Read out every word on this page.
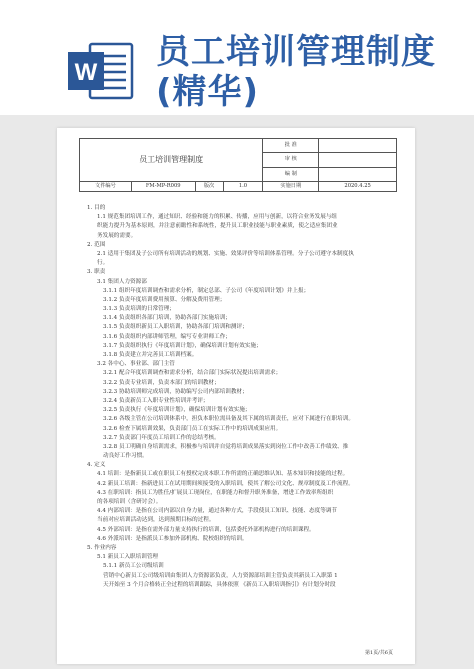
W
员工培训管理制度
(精华)
员工培训管理制度				批 准	
				审 核	
				编 制	
文件编号	FM-MP-R009	版次	1.0	实施日期	2020.4.25
1. 目的
1.1 规范集团培训工作，通过知识、经验和能力的积累、传播，应用与创新，以符合业务发展与组
织能力提升为基本原则，并注意前瞻性和系统性，提升员工职业技能与职业素质，使之适应集团业
务发展的需要。
2. 范围
2.1 适用于集团及子公司所有培训活动的规划、实施、效果评价等培训体系管理。分子公司遵守本制度执
行。
3. 职责
3.1 集团人力资源部
3.1.1 组织年度培训调查和需求分析，制定总部、子公司《年度培训计划》并上报；
3.1.2 负责年度培训费用预算、分解及费用管理；
3.1.3 负责培训的日常管理；
3.1.4 负责组织各部门培训，协助各部门实施培训；
3.1.5 负责组织新员工入职培训，协助各部门培训和测评；
3.1.6 负责组织内部讲师管理，编写专业讲师工作；
3.1.7 负责组织执行《年度培训计划》，确保培训计划有效实施；
3.1.8 负责建立并完善员工培训档案。
3.2 各中心、事业部、部门主管
3.2.1 配合年度培训调查和需求分析，结合部门实际状况提出培训需求；
3.2.2 负责专业培训，负责本部门的培训教材；
3.2.3 协助培训师完成培训，协助编写公司内部培训教材；
3.2.4 负责新员工入职专业性培训并考评；
3.2.5 负责执行《年度培训计划》，确保培训计划有效实施；
3.2.6 各级主管在公司培训体系中，担负本职位需具备及其下属的培训责任，应对下属进行在职培训。
3.2.6 检查下属培训效果，负责部门员工在实际工作中的培训成果应用。
3.2.7 负责部门年度员工培训工作的总结考核。
3.2.8 员工明确自身培训需求，积极参与培训并自觉将培训成果落实到岗位工作中改善工作绩效、推
动良好工作习惯。
4. 定义
4.1 培训：是指新员工或在职员工有授权完成本职工作所需的正确思维认知、基本知识和技能的过程。
4.2 新员工培训：指新进员工在试用期间须接受的入职培训，使其了解公司文化、规章制度及工作流程。
4.3 在职培训：指员工为胜任/扩展员工现岗位，在职能力和督升职务准备，增进工作效率所组织
的各项培训（含研讨会）。
4.4 内部培训：是指在公司内部以自身力量，通过各种方式，手段使员工知识、技能、态度等调节
当前对应培训活动达到，达到预期目标的过程。
4.5 外部培训：是指在需外部力量支持执行的培训，包括委托外部机构进行的培训课程。
4.6 外派培训：是指派员工参加外部机构、院校组织的培训。
5. 作业内容
5.1 新员工入职培训管理
5.1.1 新员工公司级培训
营销中心新员工公司级培训由集团人力资源部负责，人力资源部培训主管负责其新员工入职第 1
天开始至 3 个月合格转正全过程的培训跟踪，具体依照 《新员工入职培训指引》有计划分时段
第1页/共6页
